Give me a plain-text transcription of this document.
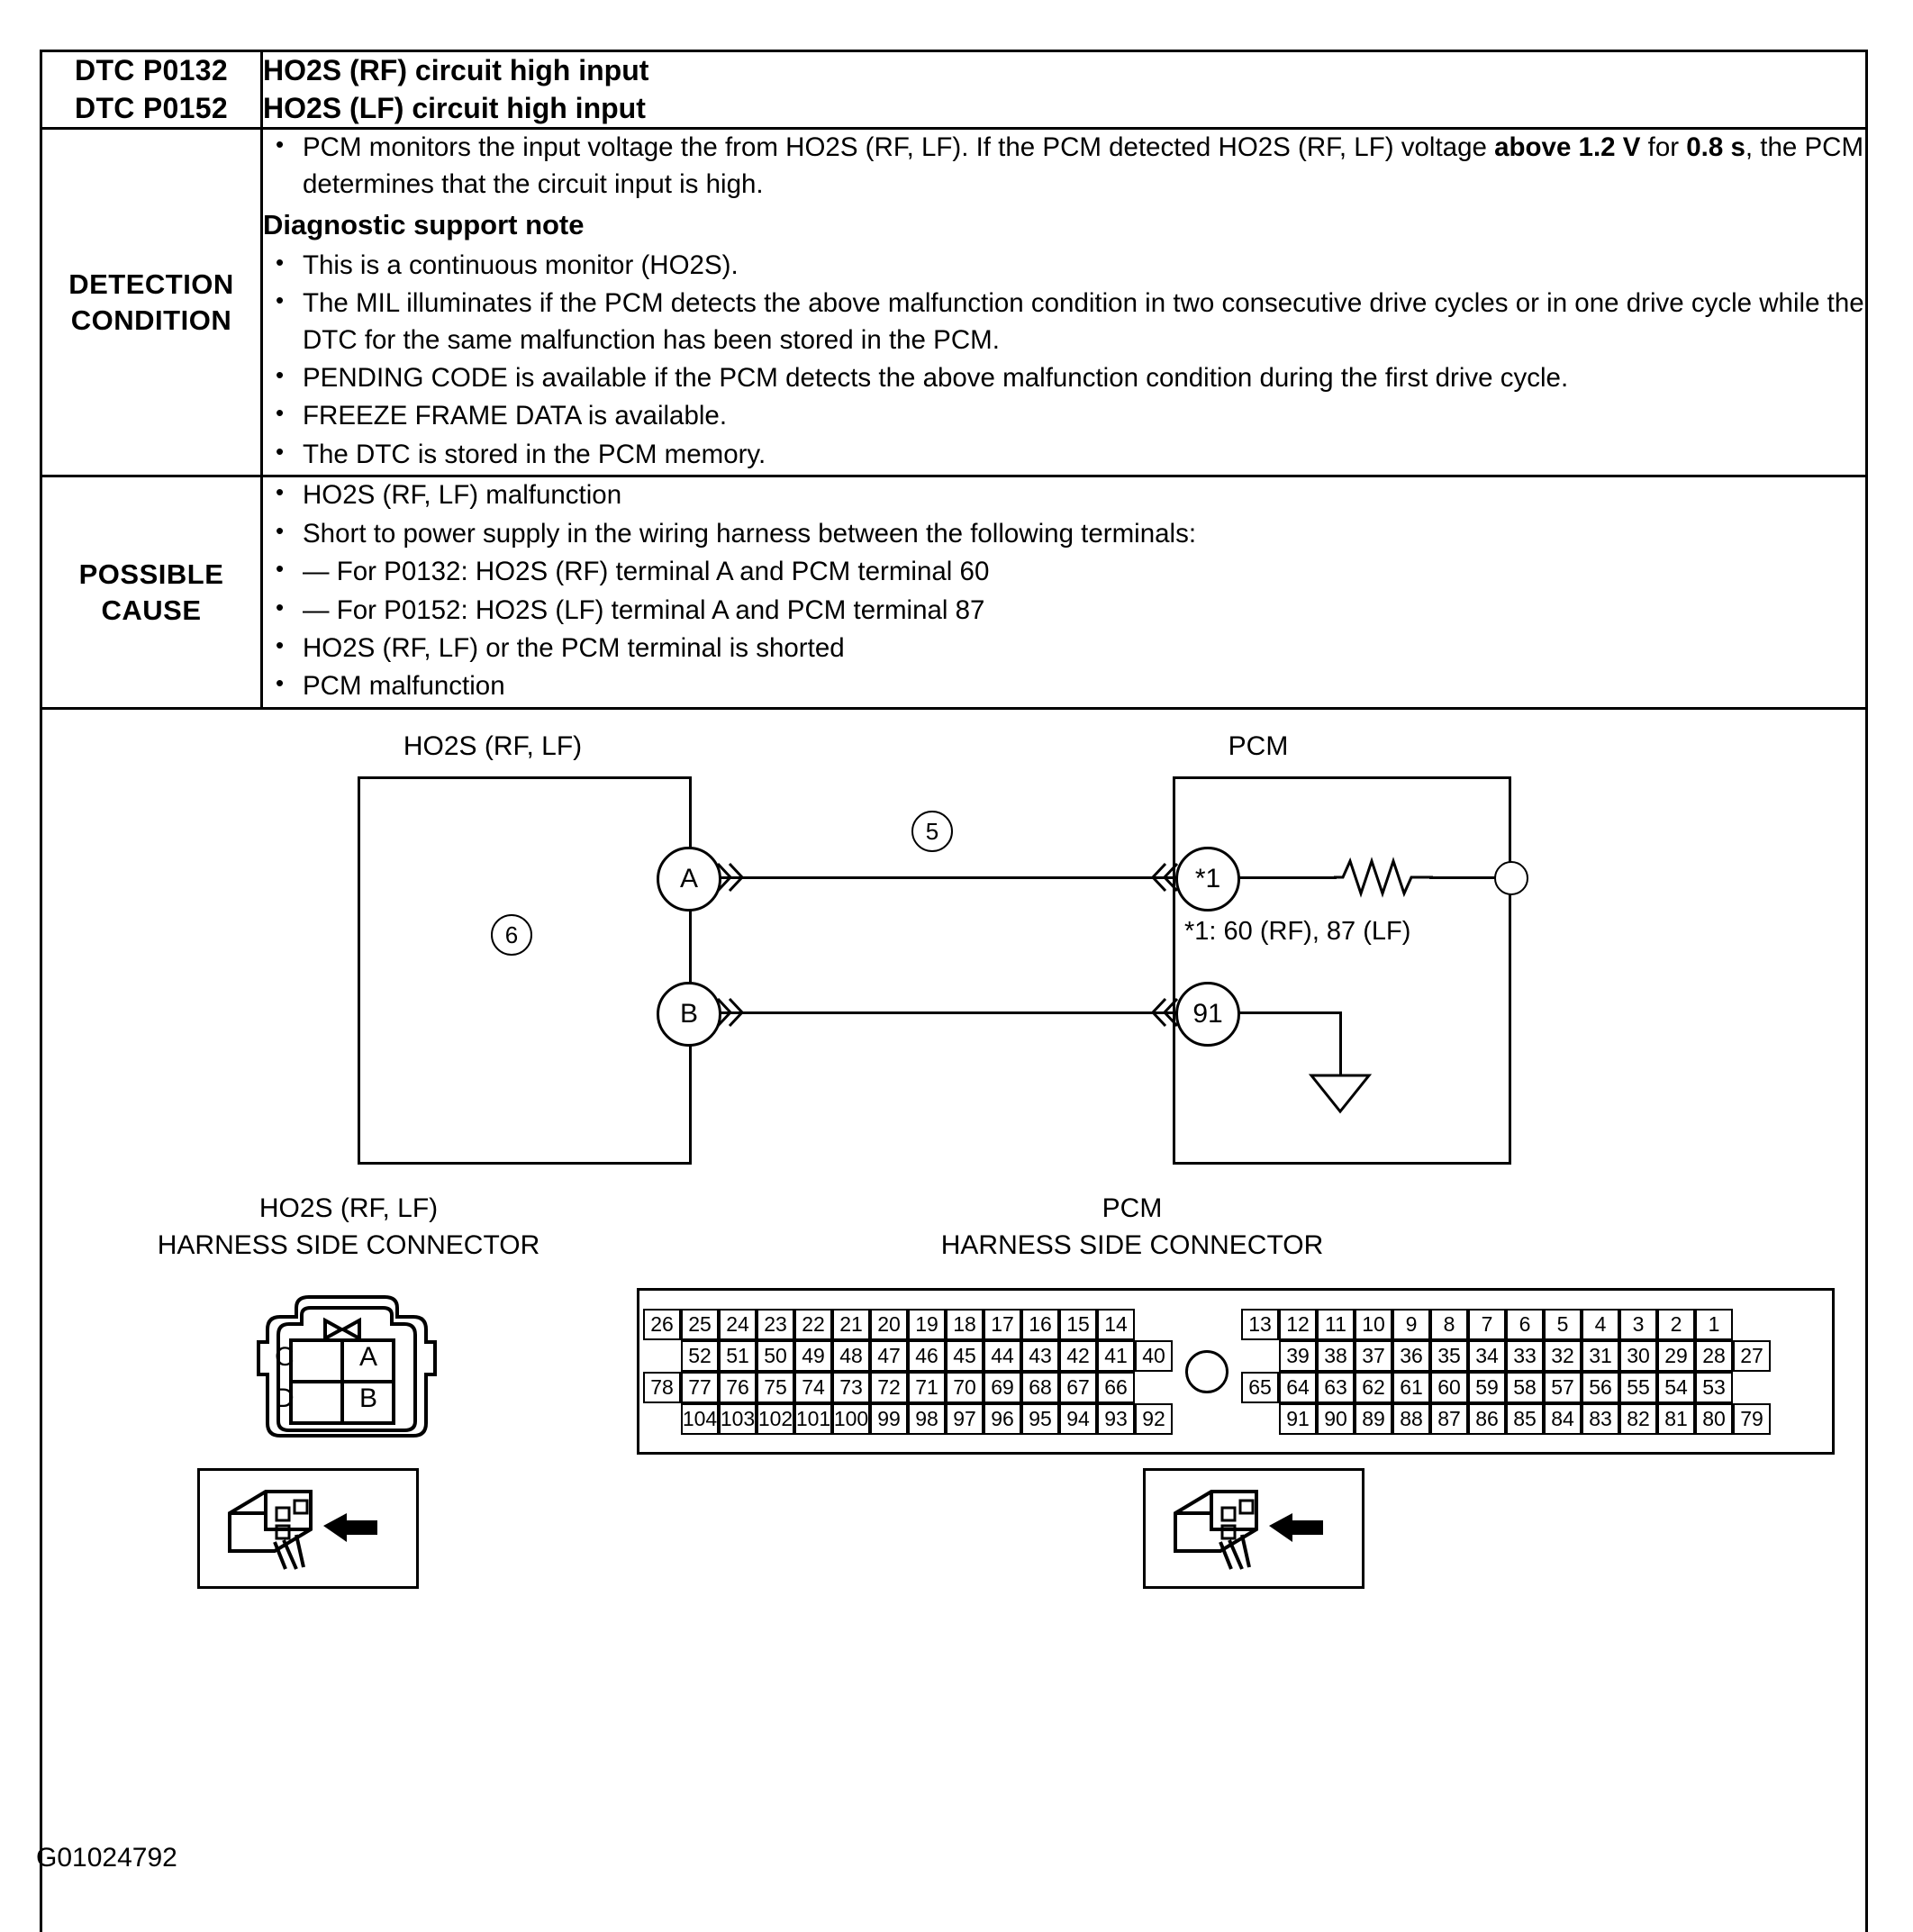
DTC P0132
DTC P0152

HO2S (RF) circuit high input
HO2S (LF) circuit high input

DETECTION
CONDITION

• PCM monitors the input voltage the from HO2S (RF, LF). If the PCM detected HO2S (RF, LF) voltage above 1.2 V for 0.8 s, the PCM determines that the circuit input is high.
Diagnostic support note
• This is a continuous monitor (HO2S).
• The MIL illuminates if the PCM detects the above malfunction condition in two consecutive drive cycles or in one drive cycle while the DTC for the same malfunction has been stored in the PCM.
• PENDING CODE is available if the PCM detects the above malfunction condition during the first drive cycle.
• FREEZE FRAME DATA is available.
• The DTC is stored in the PCM memory.

POSSIBLE
CAUSE

• HO2S (RF, LF) malfunction
• Short to power supply in the wiring harness between the following terminals:
• — For P0132: HO2S (RF) terminal A and PCM terminal 60
• — For P0152: HO2S (LF) terminal A and PCM terminal 87
• HO2S (RF, LF) or the PCM terminal is shorted
• PCM malfunction

HO2S (RF, LF)	PCM
6
A
5
*1
*1: 60 (RF), 87 (LF)
B	91
HO2S (RF, LF)
HARNESS SIDE CONNECTOR
PCM
HARNESS SIDE CONNECTOR
C A
D B
26 25 24 23 22 21 20 19 18 17 16 15 14
52 51 50 49 48 47 46 45 44 43 42 41 40
78 77 76 75 74 73 72 71 70 69 68 67 66
104 103 102 101 100 99 98 97 96 95 94 93 92
13 12 11 10 9	8	7	6	5	4	3	2	1
39 38 37 36 35 34 33 32 31 30 29 28 27
65 64 63 62 61 60 59 58 57 56 55 54 53
91 90 89 88 87 86 85 84 83 82 81 80 79
G01024792
